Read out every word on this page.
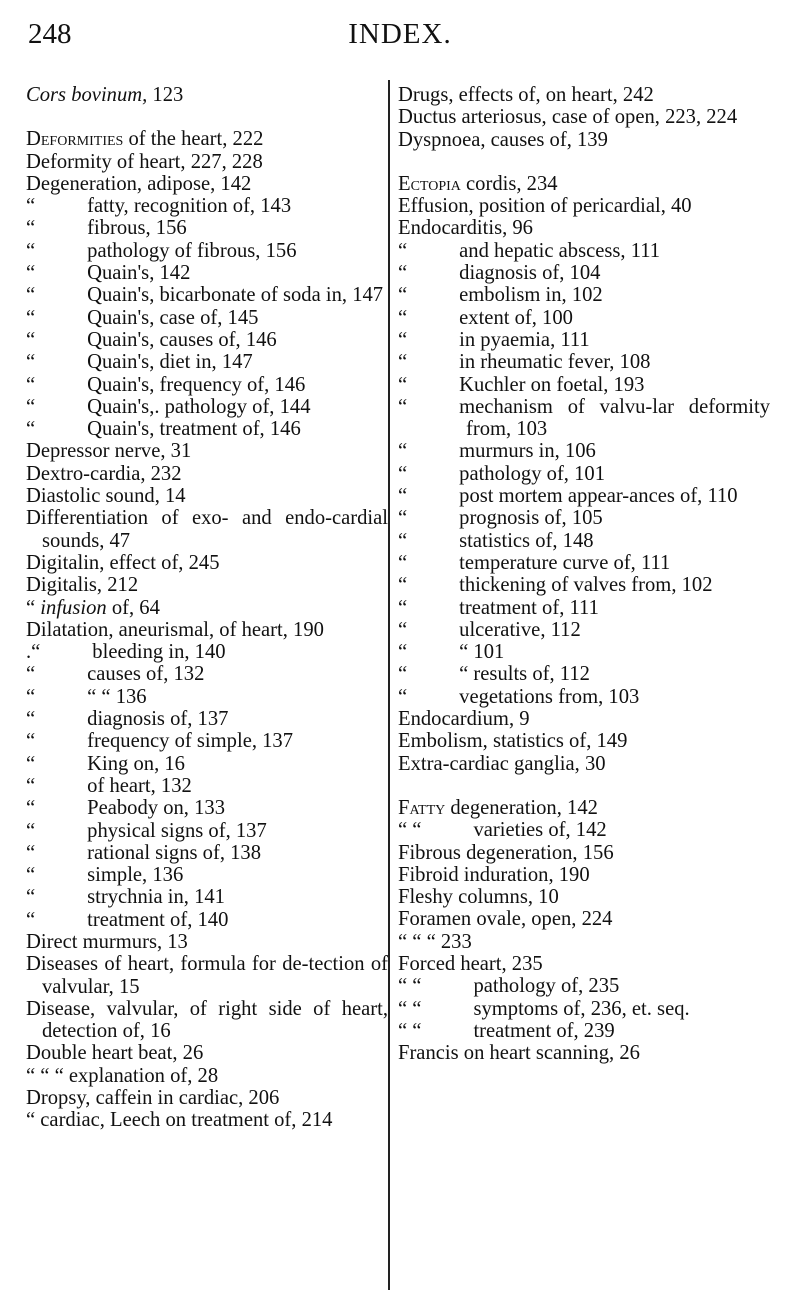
248	INDEX.
Cors bovinum, 123
Deformities of the heart, 222
Deformity of heart, 227, 228
Degeneration, adipose, 142
“	fatty, recognition of, 143
“	fibrous, 156
“	pathology of fibrous, 156
“	Quain's, 142
“	Quain's, bicarbonate of soda in, 147
“	Quain's, case of, 145
“	Quain's, causes of, 146
“	Quain's, diet in, 147
“	Quain's, frequency of, 146
“	Quain's,. pathology of, 144
“	Quain's, treatment of, 146
Depressor nerve, 31
Dextro-cardia, 232
Diastolic sound, 14
Differentiation of exo- and endo-cardial sounds, 47
Digitalin, effect of, 245
Digitalis, 212
“ infusion of, 64
Dilatation, aneurismal, of heart, 190
.“	bleeding in, 140
“	causes of, 132
“	“ “ 136
“	diagnosis of, 137
“	frequency of simple, 137
“	King on, 16
“	of heart, 132
“	Peabody on, 133
“	physical signs of, 137
“	rational signs of, 138
“	simple, 136
“	strychnia in, 141
“	treatment of, 140
Direct murmurs, 13
Diseases of heart, formula for de-tection of valvular, 15
Disease, valvular, of right side of heart, detection of, 16
Double heart beat, 26
“ “ “ explanation of, 28
Dropsy, caffein in cardiac, 206
“ cardiac, Leech on treatment of, 214
Drugs, effects of, on heart, 242
Ductus arteriosus, case of open, 223, 224
Dyspnoea, causes of, 139
Ectopia cordis, 234
Effusion, position of pericardial, 40
Endocarditis, 96
“	and hepatic abscess, 111
“	diagnosis of, 104
“	embolism in, 102
“	extent of, 100
“	in pyaemia, 111
“	in rheumatic fever, 108
“	Kuchler on foetal, 193
“	mechanism of valvu-lar deformity from, 103
“	murmurs in, 106
“	pathology of, 101
“	post mortem appear-ances of, 110
“	prognosis of, 105
“	statistics of, 148
“	temperature curve of, 111
“	thickening of valves from, 102
“	treatment of, 111
“	ulcerative, 112
“	“ 101
“	“ results of, 112
“	vegetations from, 103
Endocardium, 9
Embolism, statistics of, 149
Extra-cardiac ganglia, 30
Fatty degeneration, 142
“ “	varieties of, 142
Fibrous degeneration, 156
Fibroid induration, 190
Fleshy columns, 10
Foramen ovale, open, 224
“ “ “ 233
Forced heart, 235
“ “	pathology of, 235
“ “	symptoms of, 236, et. seq.
“ “	treatment of, 239
Francis on heart scanning, 26
